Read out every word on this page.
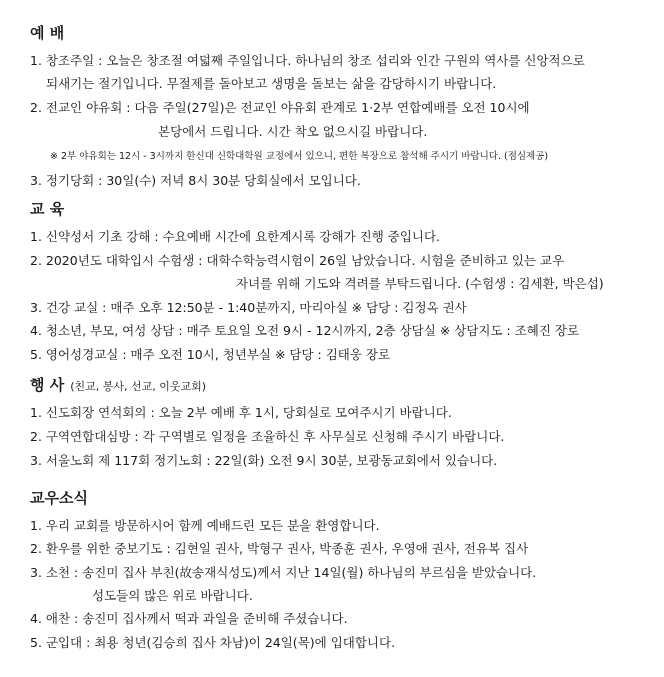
예 배
1. 창조주일 : 오늘은 창조절 여덟째 주일입니다. 하나님의 창조 섭리와 인간 구원의 역사를 신앙적으로
되새기는 절기입니다. 무절제를 돌아보고 생명을 돌보는 삶을 감당하시기 바랍니다.
2. 전교인 야유회 : 다음 주일(27일)은 전교인 야유회 관계로 1·2부 연합예배를 오전 10시에
본당에서 드립니다. 시간 착오 없으시길 바랍니다.
※ 2부 야유회는 12시 - 3시까지 한신대 신학대학원 교정에서 있으니, 편한 복장으로 참석해 주시기 바랍니다. (점심제공)
3. 정기당회 : 30일(수) 저녁 8시 30분 당회실에서 모입니다.
교 육
1. 신약성서 기초 강해 : 수요예배 시간에 요한계시록 강해가 진행 중입니다.
2. 2020년도 대학입시 수험생 : 대학수학능력시험이 26일 남았습니다. 시험을 준비하고 있는 교우
자녀를 위해 기도와 격려를 부탁드립니다. (수험생 : 김세환, 박은섭)
3. 건강 교실 : 매주 오후 12:50분 - 1:40분까지, 마리아실 ※ 담당 : 김정옥 권사
4. 청소년, 부모, 여성 상담 : 매주 토요일 오전 9시 - 12시까지, 2층 상담실 ※ 상담지도 : 조혜진 장로
5. 영어성경교실 : 매주 오전 10시, 청년부실 ※ 담당 : 김태웅 장로
행 사 (친교, 봉사, 선교, 이웃교회)
1. 신도회장 연석회의 : 오늘 2부 예배 후 1시, 당회실로 모여주시기 바랍니다.
2. 구역연합대심방 : 각 구역별로 일정을 조율하신 후 사무실로 신청해 주시기 바랍니다.
3. 서울노회 제 117회 정기노회 : 22일(화) 오전 9시 30분, 보광동교회에서 있습니다.
교우소식
1. 우리 교회를 방문하시어 함께 예배드린 모든 분을 환영합니다.
2. 환우를 위한 중보기도 : 김현일 권사, 박형구 권사, 박종훈 권사, 우영애 권사, 전유복 집사
3. 소천 : 송진미 집사 부친(故송재식성도)께서 지난 14일(월) 하나님의 부르심을 받았습니다.
성도들의 많은 위로 바랍니다.
4. 애찬 : 송진미 집사께서 떡과 과일을 준비해 주셨습니다.
5. 군입대 : 최용 청년(김승희 집사 차남)이 24일(목)에 입대합니다.
